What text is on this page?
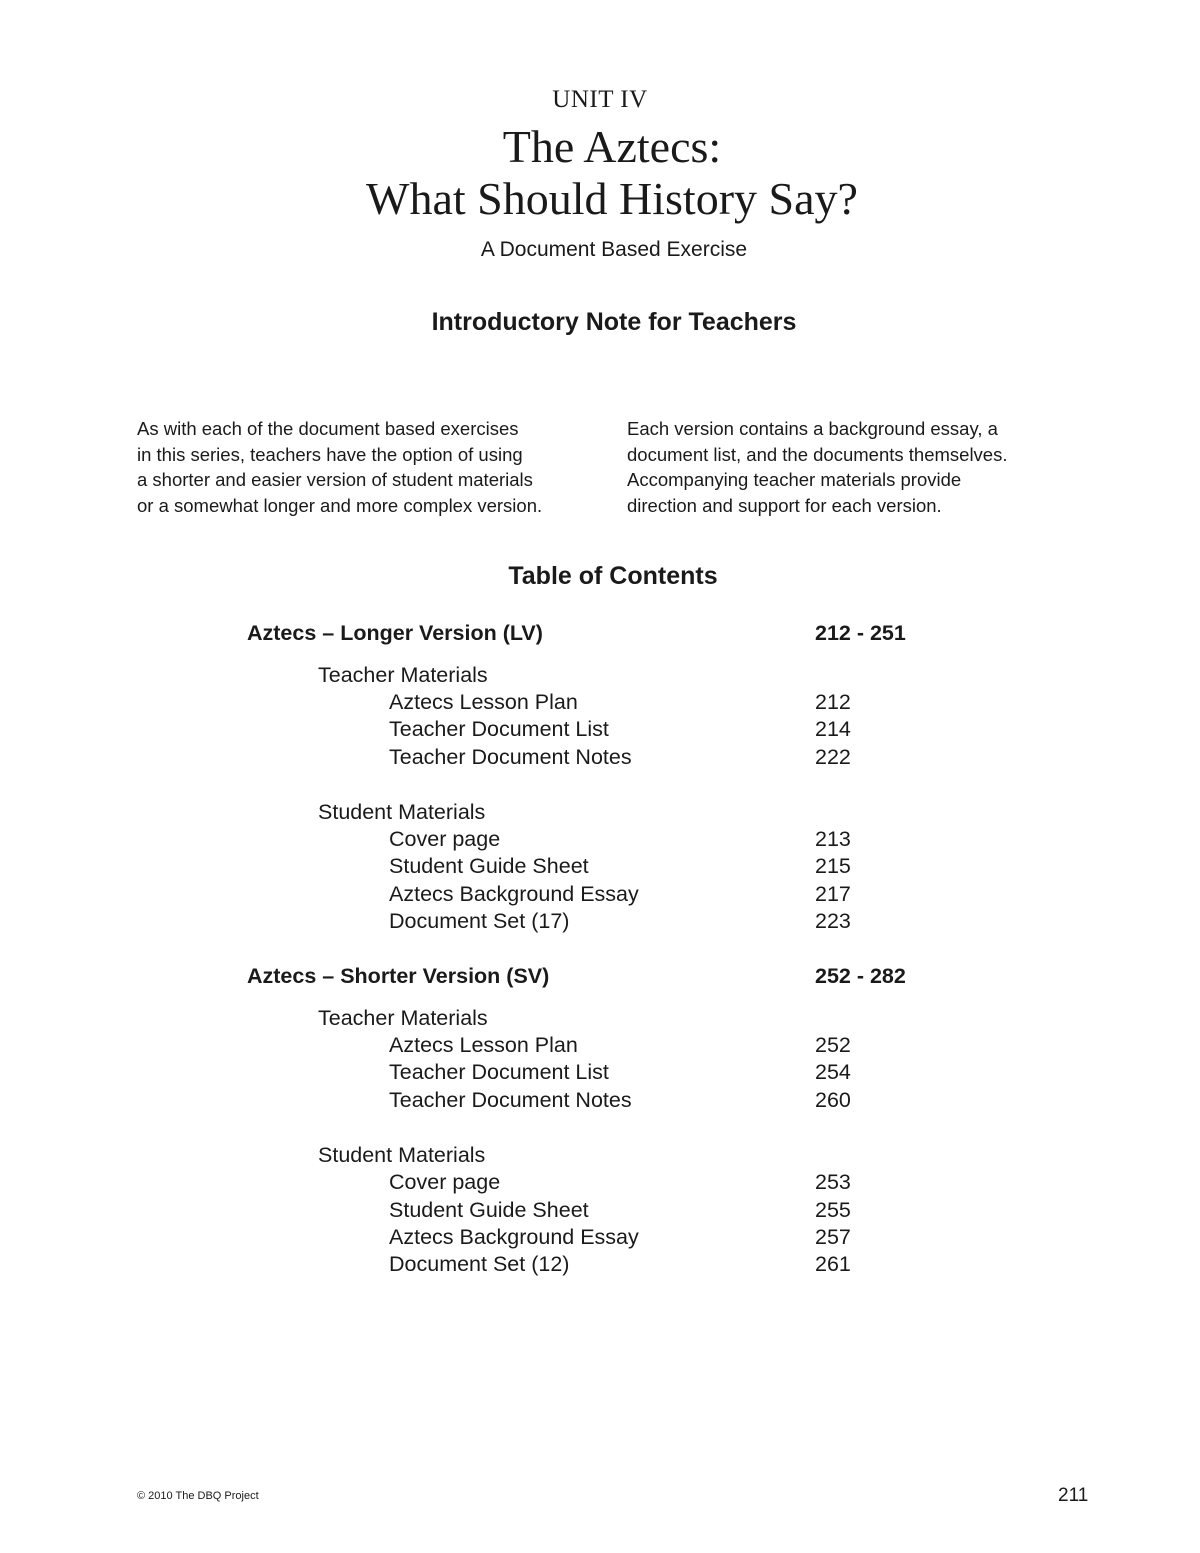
UNIT IV

The Aztecs:
What Should History Say?

A Document Based Exercise

Introductory Note for Teachers
As with each of the document based exercises
in this series, teachers have the option of using
a shorter and easier version of student materials
or a somewhat longer and more complex version.
Each version contains a background essay, a
document list, and the documents themselves.
Accompanying teacher materials provide
direction and support for each version.
Table of Contents
Aztecs – Longer Version (LV)	212 - 251
Teacher Materials
Aztecs Lesson Plan	212
Teacher Document List	214
Teacher Document Notes	222
Student Materials
Cover page	213
Student Guide Sheet	215
Aztecs Background Essay	217
Document Set (17)	223
Aztecs – Shorter Version (SV)	252 - 282
Teacher Materials
Aztecs Lesson Plan	252
Teacher Document List	254
Teacher Document Notes	260
Student Materials
Cover page	253
Student Guide Sheet	255
Aztecs Background Essay	257
Document Set (12)	261
© 2010 The DBQ Project	211
